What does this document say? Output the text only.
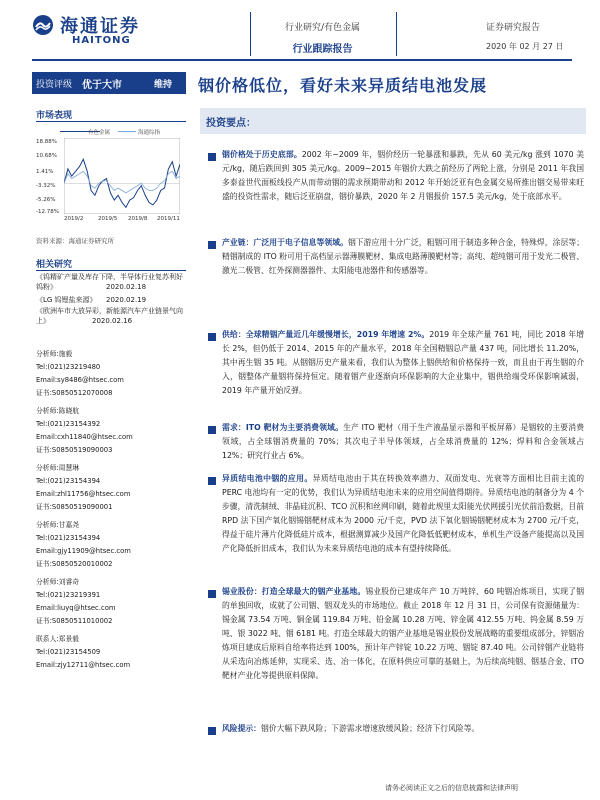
海通证券
HAITONG
行业研究/有色金属
行业跟踪报告
证券研究报告
2020 年 02 月 27 日
投资评级 优于大市	维持 铟价格低位，看好未来异质结电池发展
市场表现
有色金属	海通综指
18.88%
10.68%
1.41%
-3.32%
-5.26%
-12.78%
2019/2	2019/5 2019/8 2019/11
资料来源：海通证券研究所
相关研究
《钨精矿产量及库存下降，半导体行业复苏利好钨粉》	2020.02.18
《LG 钨锂盐来源》	2020.02.19
《欧洲车市大放异彩，新能源汽车产业链景气向上》	2020.02.16
分析师:施毅
Tel:(021)23219480
Email:sy8486@htsec.com
证书:S0850512070008
分析师:陈晓航
Tel:(021)23154392
Email:cxh11840@htsec.com
证书:S0850519090003
分析师:周慧琳
Tel:(021)23154394
Email:zhl11756@htsec.com
证书:S0850519090001
分析师:甘嘉尧
Tel:(021)23154394
Email:gjy11909@htsec.com
证书:S0850520010002
分析师:刘睿奇
Tel:(021)23219391
Email:liuyq@htsec.com
证书:S0850511010002
联系人:郑景毅
Tel:(021)23154509
Email:zjy12711@htsec.com
投资要点：
铟价格处于历史底部。2002 年~2009 年，铟价经历一轮暴涨和暴跌，先从 60 美元/kg 涨到 1070 美元/kg，随后跌回到 305 美元/kg。2009~2015 年铟价大跌之前经历了两轮上涨，分别是 2011 年我国多泰益世代面板线投产从而带动铟的需求预期带动和 2012 年开始泛亚有色金属交易所推出铟交易带来旺盛的投资性需求，随后泛亚崩盘，铟价暴跌，2020 年 2 月铟报价 157.5 美元/kg，处于底部水平。
产业链：广泛用于电子信息等领域。铟下游应用十分广泛，粗铟可用于制造多种合金，特殊焊，涂层等；精铟制成的 ITO 粉可用于高档显示器薄膜靶材、集成电路薄膜靶材等；高纯、超纯铟可用于发光二极管、激光二极管、红外探测器器件、太阳能电池器件和传感器等。
供给：全球精铟产量近几年缓慢增长，2019 年增速 2%。2019 年全球产量 761 吨，同比 2018 年增长 2%，但仍低于 2014、2015 年的产量水平，2018 年全国精铟总产量 437 吨，同比增长 11.20%，其中再生铟 35 吨。从铟铟历史产量来看，我们认为整体上铟供给和价格保持一致，而且由于再生铟的介入，铟整体产量铟将保持恒定。随着铟产业逐渐向环保影响的大企业集中，铟供给端受环保影响减弱，2019 年产量开始反弹。
需求：ITO 靶材为主要消费领域。生产 ITO 靶材（用于生产液晶显示器和平板屏幕）是铟较的主要消费领域，占全球铟消费量的 70%；其次电子半导体领域，占全球消费量的 12%；焊料和合金领域占 12%；研究行业占 6%。
异质结电池中铟的应用。异质结电池由于其在转换效率潜力、双面发电、光衰等方面相比目前主流的 PERC 电池均有一定的优势，我们认为异质结电池未来的应用空间值得期待。异质结电池的制备分为 4 个步骤，清洗制绒、非晶硅沉积、TCO 沉积和丝网印刷，随着此规里太阳能光伏网援引光伏前沿数据，目前 RPD 法下国产氧化铟锡铟靶材成本为 2000 元/千克，PVD 法下氧化铟锡铟靶材成本为 2700 元/千克，得益于硅片薄片化降低硅片成本，根据测算减少及国产化降低低靶材成本，单机生产设备产能提高以及国产化降低折旧成本，我们认为未来异质结电池的成本有望持续降低。
锡业股份：打造全球最大的铟产业基地。锡业股份已建成年产 10 万吨锌、60 吨铟冶炼项目，实现了铟的单独回收，成就了公司铟、铟双龙头的市场地位。截止 2018 年 12 月 31 日，公司保有资源储量为：锡金属 73.54 万吨、铜金属 119.84 万吨、铅金属 10.28 万吨、锌金属 412.55 万吨、钨金属 8.59 万吨、银 3022 吨、铟 6181 吨。打造全球最大的铟产业基地是锡业股份发展战略的重要组成部分，锌铟冶炼项目建成后原料自给率将达到 100%，预计年产锌锭 10.22 万吨、铟锭 87.40 吨。公司锌铟产业链将从采选向冶炼延伸，实现采、选、冶一体化，在原料供应可靠的基础上，为后续高纯铟、铟基合金、ITO 靶材产业化等提供原料保障。
风险提示：铟价大幅下跌风险；下游需求增速放缓风险；经济下行风险等。
请务必阅读正文之后的信息披露和法律声明
